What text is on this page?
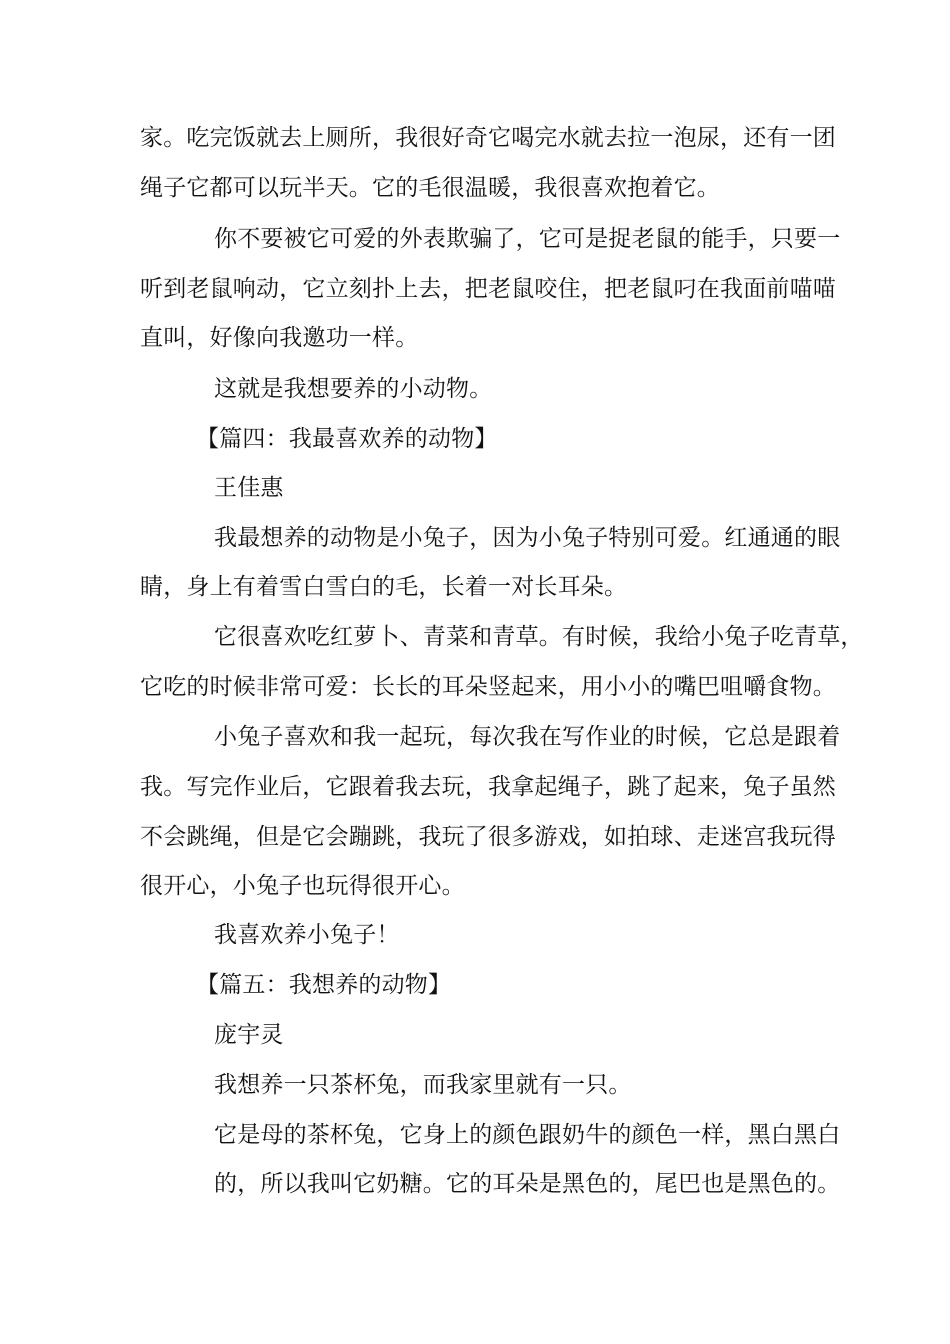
家。吃完饭就去上厕所，我很好奇它喝完水就去拉一泡尿，还有一团

绳子它都可以玩半天。它的毛很温暖，我很喜欢抱着它。

你不要被它可爱的外表欺骗了，它可是捉老鼠的能手，只要一

听到老鼠响动，它立刻扑上去，把老鼠咬住，把老鼠叼在我面前喵喵

直叫，好像向我邀功一样。

这就是我想要养的小动物。

【篇四：我最喜欢养的动物】

王佳惠

我最想养的动物是小兔子，因为小兔子特别可爱。红通通的眼

睛，身上有着雪白雪白的毛，长着一对长耳朵。

它很喜欢吃红萝卜、青菜和青草。有时候，我给小兔子吃青草，

它吃的时候非常可爱：长长的耳朵竖起来，用小小的嘴巴咀嚼食物。

小兔子喜欢和我一起玩，每次我在写作业的时候，它总是跟着

我。写完作业后，它跟着我去玩，我拿起绳子，跳了起来，兔子虽然

不会跳绳，但是它会蹦跳，我玩了很多游戏，如拍球、走迷宫我玩得

很开心，小兔子也玩得很开心。

我喜欢养小兔子！

【篇五：我想养的动物】

庞宇灵

我想养一只茶杯兔，而我家里就有一只。

它是母的茶杯兔，它身上的颜色跟奶牛的颜色一样，黑白黑白

的，所以我叫它奶糖。它的耳朵是黑色的，尾巴也是黑色的。
